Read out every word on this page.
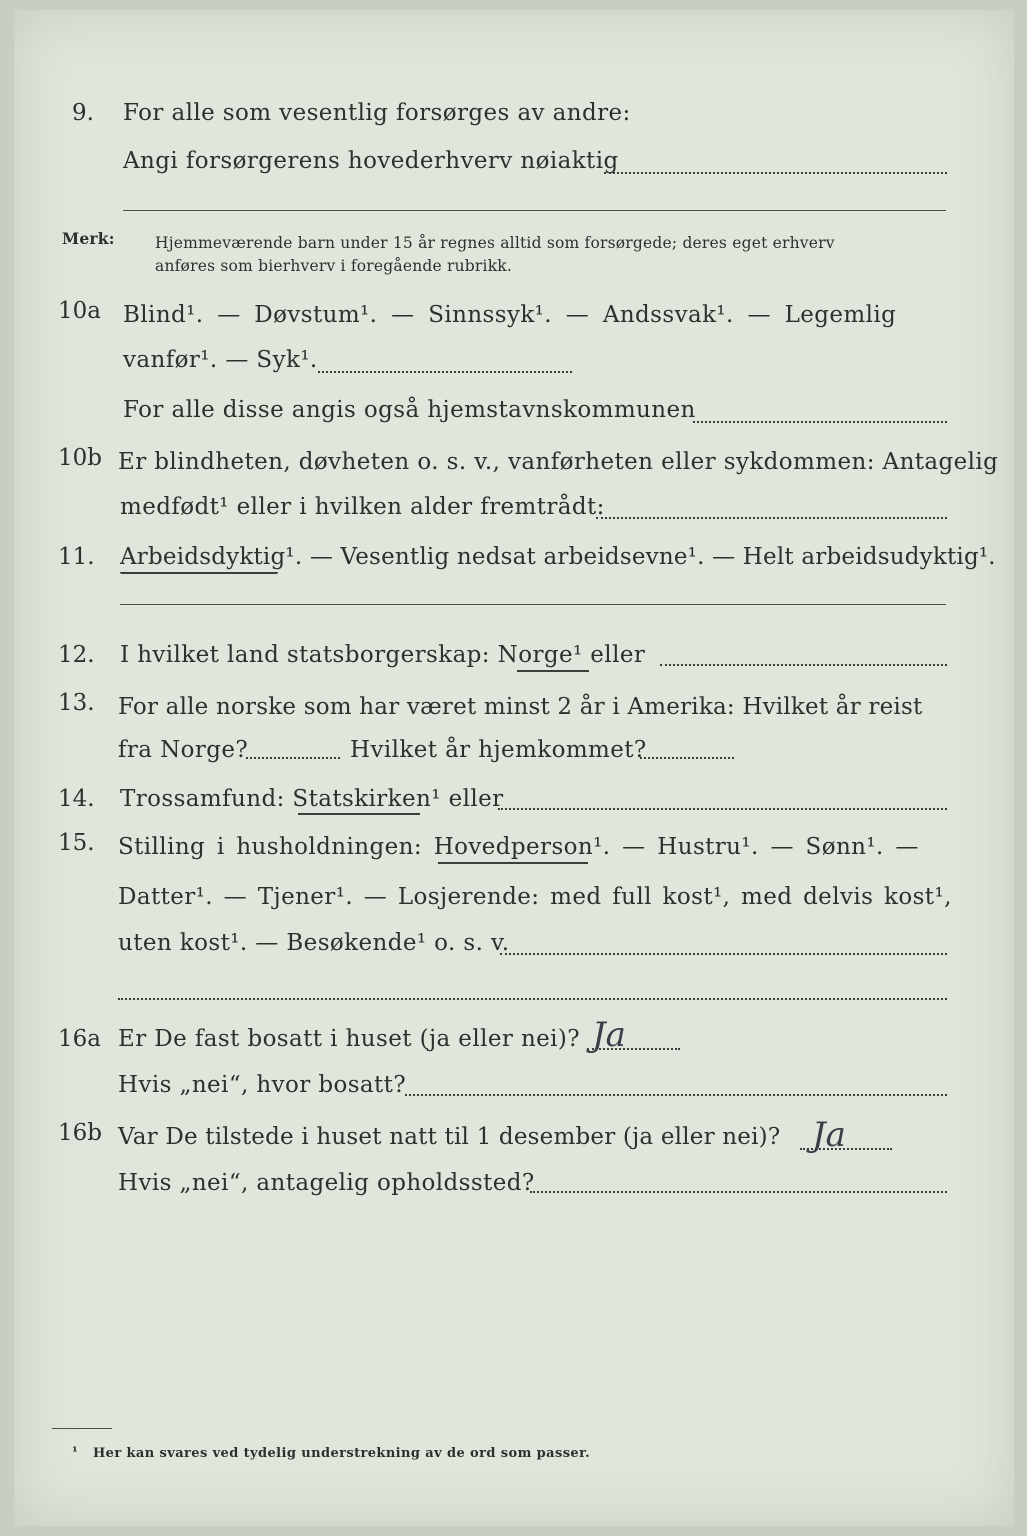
9. For alle som vesentlig forsørges av andre:
Angi forsørgerens hovederhverv nøiaktig
Merk:	Hjemmeværende barn under 15 år regnes alltid som forsørgede; deres eget erhverv
anføres som bierhverv i foregående rubrikk.
10a Blind¹. — Døvstum¹. — Sinnssyk¹. — Andssvak¹. — Legemlig
vanfør¹. — Syk¹.
For alle disse angis også hjemstavnskommunen
10b Er blindheten, døvheten o. s. v., vanførheten eller sykdommen: Antagelig
medfødt¹ eller i hvilken alder fremtrådt:
11. Arbeidsdyktig¹. — Vesentlig nedsat arbeidsevne¹. — Helt arbeidsudyktig¹.
12. I hvilket land statsborgerskap: Norge¹ eller
13. For alle norske som har været minst 2 år i Amerika: Hvilket år reist
fra Norge?	Hvilket år hjemkommet?
14. Trossamfund: Statskirken¹ eller
15. Stilling i husholdningen: Hovedperson¹. — Hustru¹. — Sønn¹. —
Datter¹. — Tjener¹. — Losjerende: med full kost¹, med delvis kost¹,
uten kost¹. — Besøkende¹ o. s. v.
16a Er De fast bosatt i huset (ja eller nei)? Ja
Hvis „nei“, hvor bosatt?
16b Var De tilstede i huset natt til 1 desember (ja eller nei)? Ja
Hvis „nei“, antagelig opholdssted?
¹ Her kan svares ved tydelig understrekning av de ord som passer.
